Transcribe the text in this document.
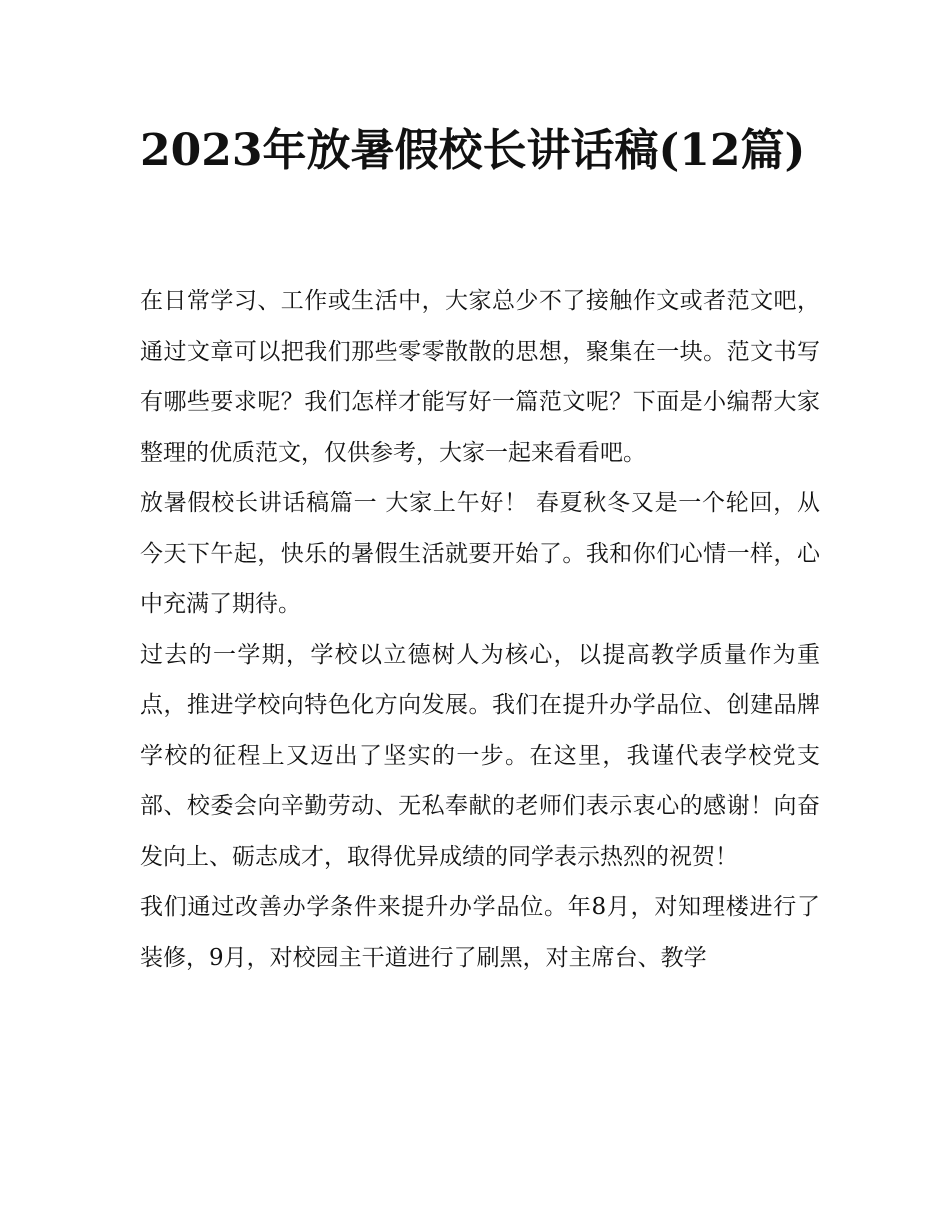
2023年放暑假校长讲话稿(12篇)

在日常学习、工作或生活中，大家总少不了接触作文或者范文吧，通过文章可以把我们那些零零散散的思想，聚集在一块。范文书写有哪些要求呢？我们怎样才能写好一篇范文呢？下面是小编帮大家整理的优质范文，仅供参考，大家一起来看看吧。

放暑假校长讲话稿篇一 大家上午好！ 春夏秋冬又是一个轮回，从今天下午起，快乐的暑假生活就要开始了。我和你们心情一样，心中充满了期待。

过去的一学期，学校以立德树人为核心，以提高教学质量作为重点，推进学校向特色化方向发展。我们在提升办学品位、创建品牌学校的征程上又迈出了坚实的一步。在这里，我谨代表学校党支部、校委会向辛勤劳动、无私奉献的老师们表示衷心的感谢！向奋发向上、砺志成才，取得优异成绩的同学表示热烈的祝贺！

我们通过改善办学条件来提升办学品位。年8月，对知理楼进行了装修，9月，对校园主干道进行了刷黑，对主席台、教学
